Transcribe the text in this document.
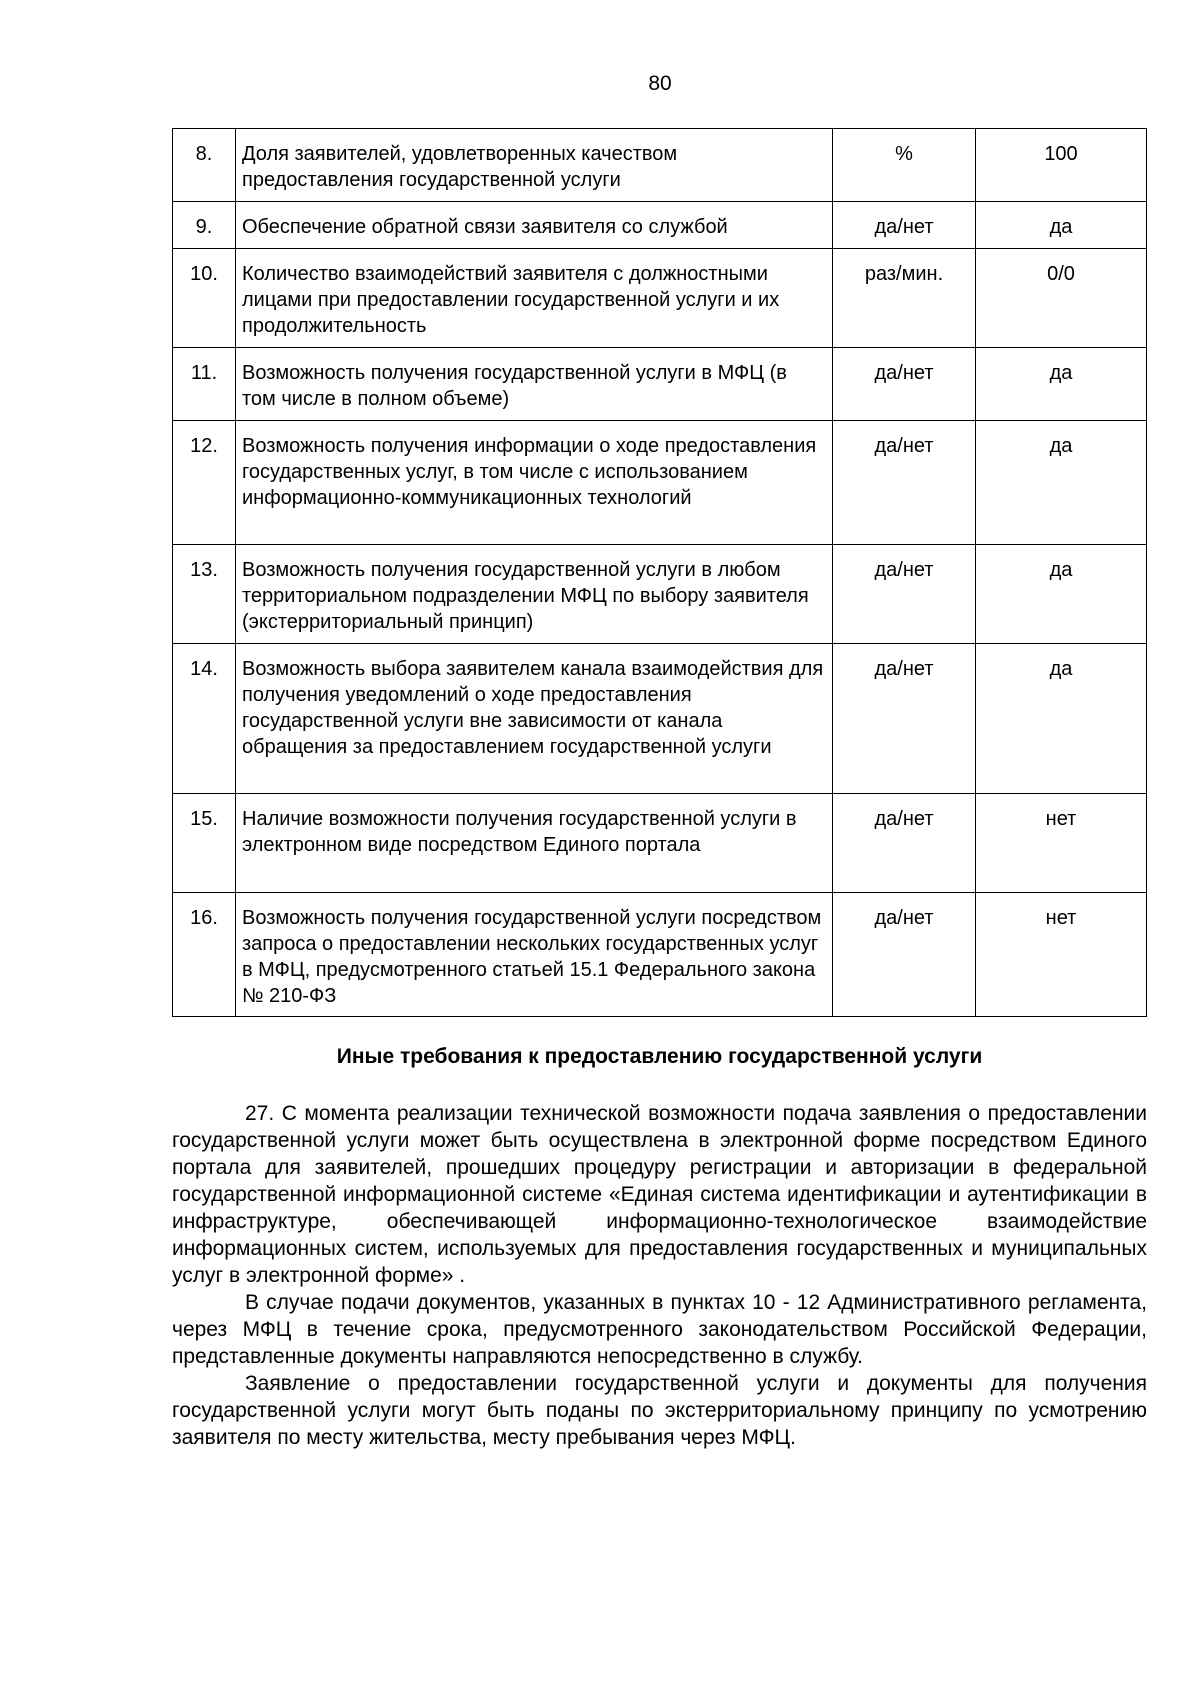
80
8.	Доля заявителей, удовлетворенных качеством предоставления государственной услуги	%	100
9.	Обеспечение обратной связи заявителя со службой	да/нет	да
10.	Количество взаимодействий заявителя с должностными лицами при предоставлении государственной услуги и их продолжительность	раз/мин.	0/0
11.	Возможность получения государственной услуги в МФЦ (в том числе в полном объеме)	да/нет	да
12.	Возможность получения информации о ходе предоставления государственных услуг, в том числе с использованием информационно-коммуникационных технологий	да/нет	да
13.	Возможность получения государственной услуги в любом территориальном подразделении МФЦ по выбору заявителя (экстерриториальный принцип)	да/нет	да
14.	Возможность выбора заявителем канала взаимодействия для получения уведомлений о ходе предоставления государственной услуги вне зависимости от канала обращения за предоставлением государственной услуги	да/нет	да
15.	Наличие возможности получения государственной услуги в электронном виде посредством Единого портала	да/нет	нет
16.	Возможность получения государственной услуги посредством запроса о предоставлении нескольких государственных услуг в МФЦ, предусмотренного статьей 15.1 Федерального закона № 210-ФЗ	да/нет	нет
Иные требования к предоставлению государственной услуги

27. С момента реализации технической возможности подача заявления о предоставлении государственной услуги может быть осуществлена в электронной форме посредством Единого портала для заявителей, прошедших процедуру регистрации и авторизации в федеральной государственной информационной системе «Единая система идентификации и аутентификации в инфраструктуре, обеспечивающей информационно-технологическое взаимодействие информационных систем, используемых для предоставления государственных и муниципальных услуг в электронной форме» .

В случае подачи документов, указанных в пунктах 10 - 12 Административного регламента, через МФЦ в течение срока, предусмотренного законодательством Российской Федерации, представленные документы направляются непосредственно в службу.

Заявление о предоставлении государственной услуги и документы для получения государственной услуги могут быть поданы по экстерриториальному принципу по усмотрению заявителя по месту жительства, месту пребывания через МФЦ.
